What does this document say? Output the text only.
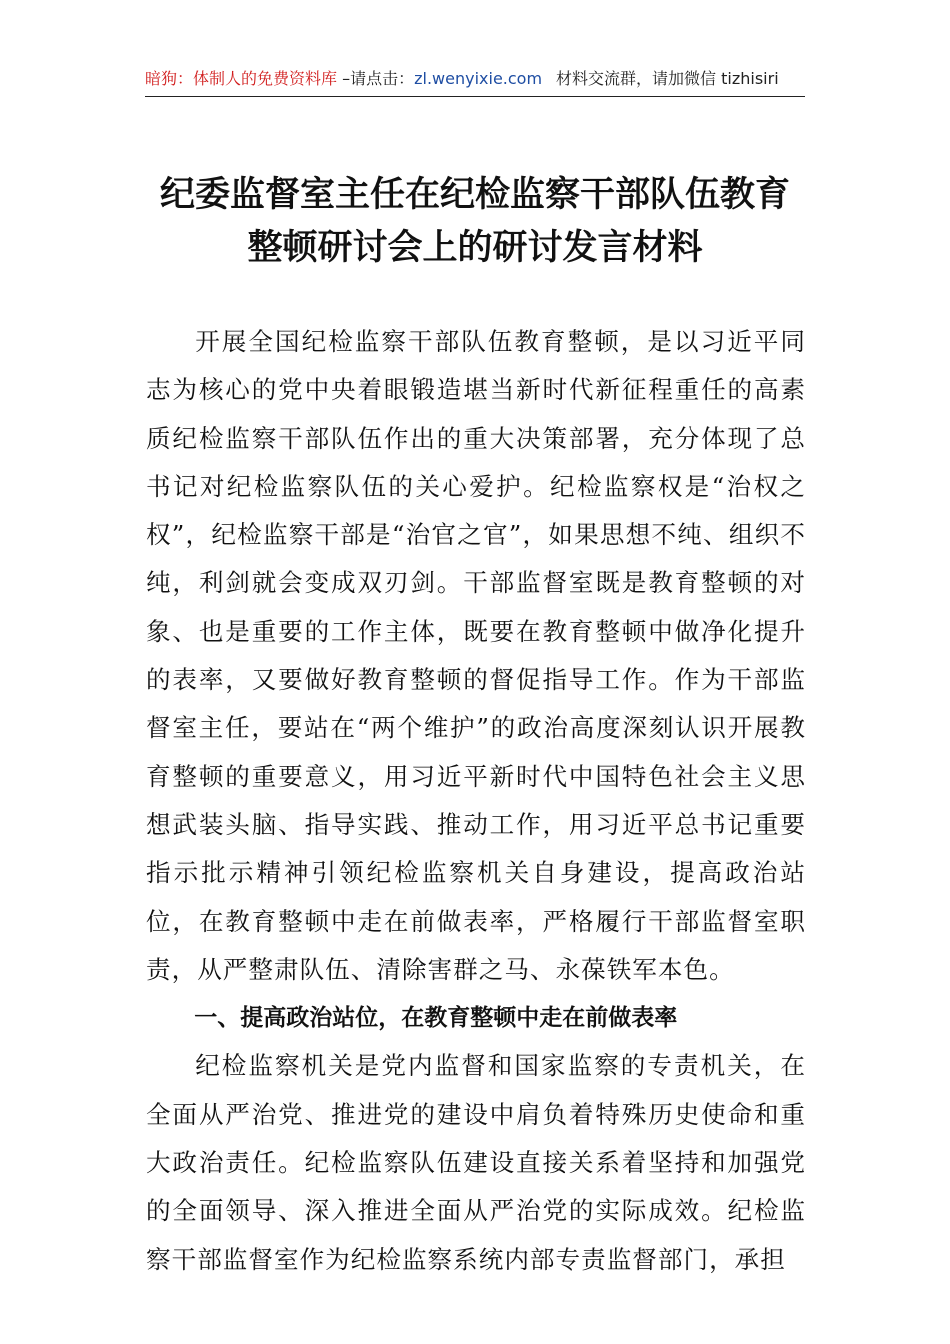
暗狗：体制人的免费资料库 –请点击：zl.wenyixie.com 材料交流群，请加微信 tizhisiri
纪委监督室主任在纪检监察干部队伍教育
整顿研讨会上的研讨发言材料

开展全国纪检监察干部队伍教育整顿，是以习近平同志为核心的党中央着眼锻造堪当新时代新征程重任的高素质纪检监察干部队伍作出的重大决策部署，充分体现了总书记对纪检监察队伍的关心爱护。纪检监察权是“治权之权”，纪检监察干部是“治官之官”，如果思想不纯、组织不纯，利剑就会变成双刃剑。干部监督室既是教育整顿的对象、也是重要的工作主体，既要在教育整顿中做净化提升的表率，又要做好教育整顿的督促指导工作。作为干部监督室主任，要站在“两个维护”的政治高度深刻认识开展教育整顿的重要意义，用习近平新时代中国特色社会主义思想武装头脑、指导实践、推动工作，用习近平总书记重要指示批示精神引领纪检监察机关自身建设，提高政治站位，在教育整顿中走在前做表率，严格履行干部监督室职责，从严整肃队伍、清除害群之马、永葆铁军本色。

一、提高政治站位，在教育整顿中走在前做表率

纪检监察机关是党内监督和国家监察的专责机关，在全面从严治党、推进党的建设中肩负着特殊历史使命和重大政治责任。纪检监察队伍建设直接关系着坚持和加强党的全面领导、深入推进全面从严治党的实际成效。纪检监察干部监督室作为纪检监察系统内部专责监督部门，承担
